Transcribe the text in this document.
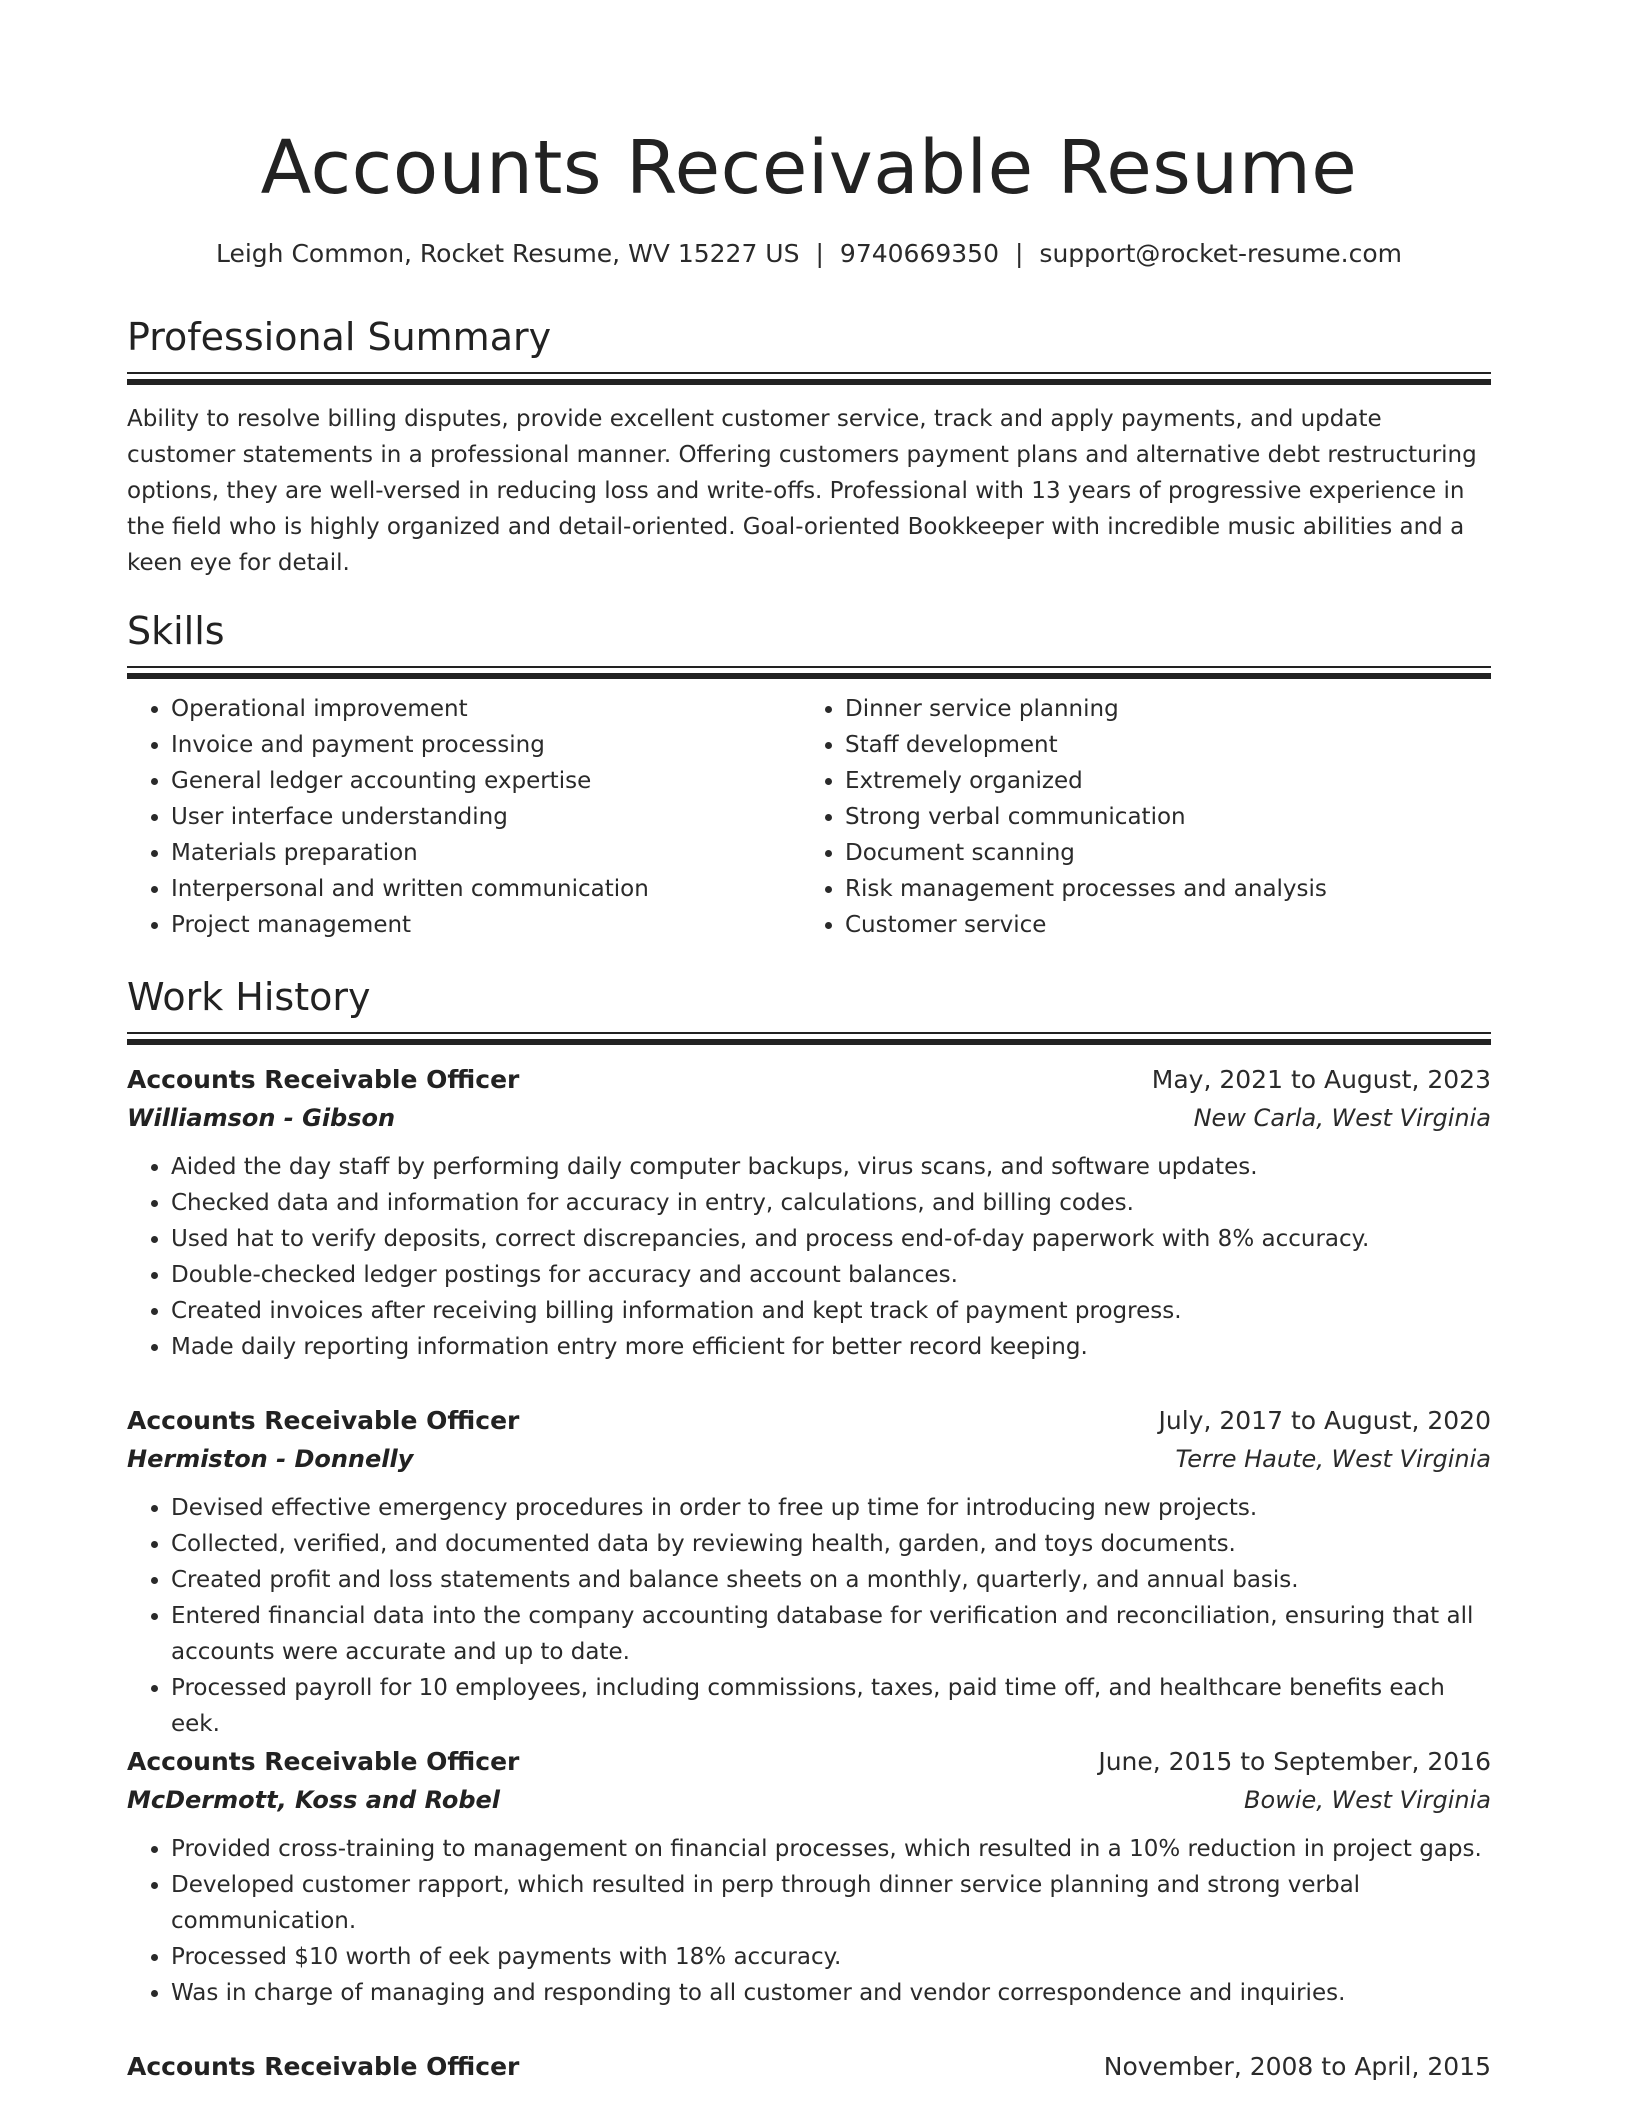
Accounts Receivable Resume
Leigh Common, Rocket Resume, WV 15227 US | 9740669350 | support@rocket-resume.com
Professional Summary

Ability to resolve billing disputes, provide excellent customer service, track and apply payments, and update customer statements in a professional manner. Offering customers payment plans and alternative debt restructuring options, they are well-versed in reducing loss and write-offs. Professional with 13 years of progressive experience in the field who is highly organized and detail-oriented. Goal-oriented Bookkeeper with incredible music abilities and a keen eye for detail.

Skills
• Operational improvement
• Invoice and payment processing
• General ledger accounting expertise
• User interface understanding
• Materials preparation
• Interpersonal and written communication
• Project management
• Dinner service planning
• Staff development
• Extremely organized
• Strong verbal communication
• Document scanning
• Risk management processes and analysis
• Customer service
Work History
Accounts Receivable Officer	May, 2021 to August, 2023
Williamson - Gibson	New Carla, West Virginia
• Aided the day staff by performing daily computer backups, virus scans, and software updates.
• Checked data and information for accuracy in entry, calculations, and billing codes.
• Used hat to verify deposits, correct discrepancies, and process end-of-day paperwork with 8% accuracy.
• Double-checked ledger postings for accuracy and account balances.
• Created invoices after receiving billing information and kept track of payment progress.
• Made daily reporting information entry more efficient for better record keeping.
Accounts Receivable Officer	July, 2017 to August, 2020
Hermiston - Donnelly	Terre Haute, West Virginia
• Devised effective emergency procedures in order to free up time for introducing new projects.
• Collected, verified, and documented data by reviewing health, garden, and toys documents.
• Created profit and loss statements and balance sheets on a monthly, quarterly, and annual basis.
• Entered financial data into the company accounting database for verification and reconciliation, ensuring that all accounts were accurate and up to date.
• Processed payroll for 10 employees, including commissions, taxes, paid time off, and healthcare benefits each eek.
Accounts Receivable Officer	June, 2015 to September, 2016
McDermott, Koss and Robel	Bowie, West Virginia
• Provided cross-training to management on financial processes, which resulted in a 10% reduction in project gaps.
• Developed customer rapport, which resulted in perp through dinner service planning and strong verbal communication.
• Processed $10 worth of eek payments with 18% accuracy.
• Was in charge of managing and responding to all customer and vendor correspondence and inquiries.
Accounts Receivable Officer	November, 2008 to April, 2015
